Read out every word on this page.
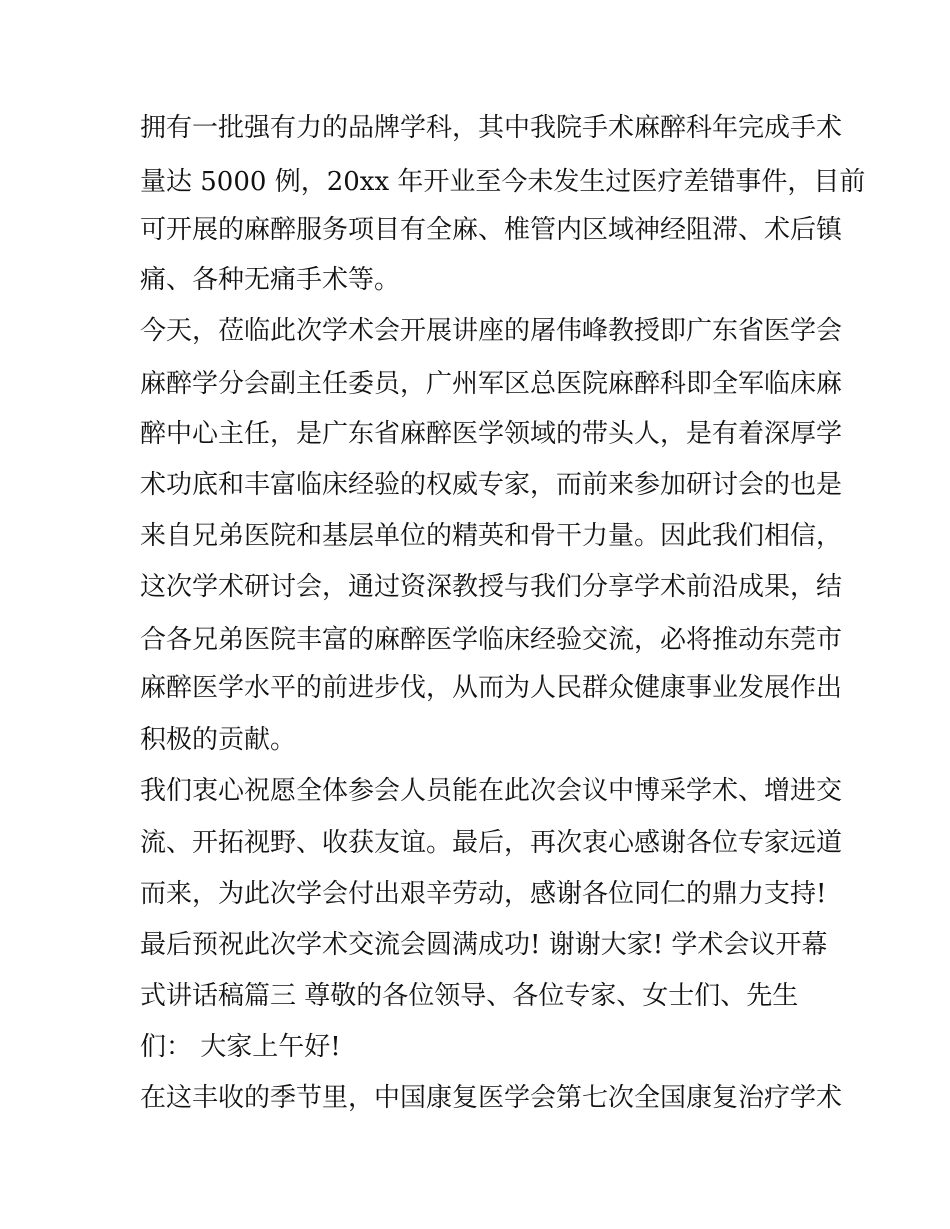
拥有一批强有力的品牌学科，其中我院手术麻醉科年完成手术
量达 5000 例，20xx 年开业至今未发生过医疗差错事件，目前
可开展的麻醉服务项目有全麻、椎管内区域神经阻滞、术后镇
痛、各种无痛手术等。
今天，莅临此次学术会开展讲座的屠伟峰教授即广东省医学会
麻醉学分会副主任委员，广州军区总医院麻醉科即全军临床麻
醉中心主任，是广东省麻醉医学领域的带头人，是有着深厚学
术功底和丰富临床经验的权威专家，而前来参加研讨会的也是
来自兄弟医院和基层单位的精英和骨干力量。因此我们相信，
这次学术研讨会，通过资深教授与我们分享学术前沿成果，结
合各兄弟医院丰富的麻醉医学临床经验交流，必将推动东莞市
麻醉医学水平的前进步伐，从而为人民群众健康事业发展作出
积极的贡献。
我们衷心祝愿全体参会人员能在此次会议中博采学术、增进交
流、开拓视野、收获友谊。最后，再次衷心感谢各位专家远道
而来，为此次学会付出艰辛劳动，感谢各位同仁的鼎力支持!
最后预祝此次学术交流会圆满成功! 谢谢大家! 学术会议开幕
式讲话稿篇三 尊敬的各位领导、各位专家、女士们、先生
们： 大家上午好!
在这丰收的季节里，中国康复医学会第七次全国康复治疗学术
